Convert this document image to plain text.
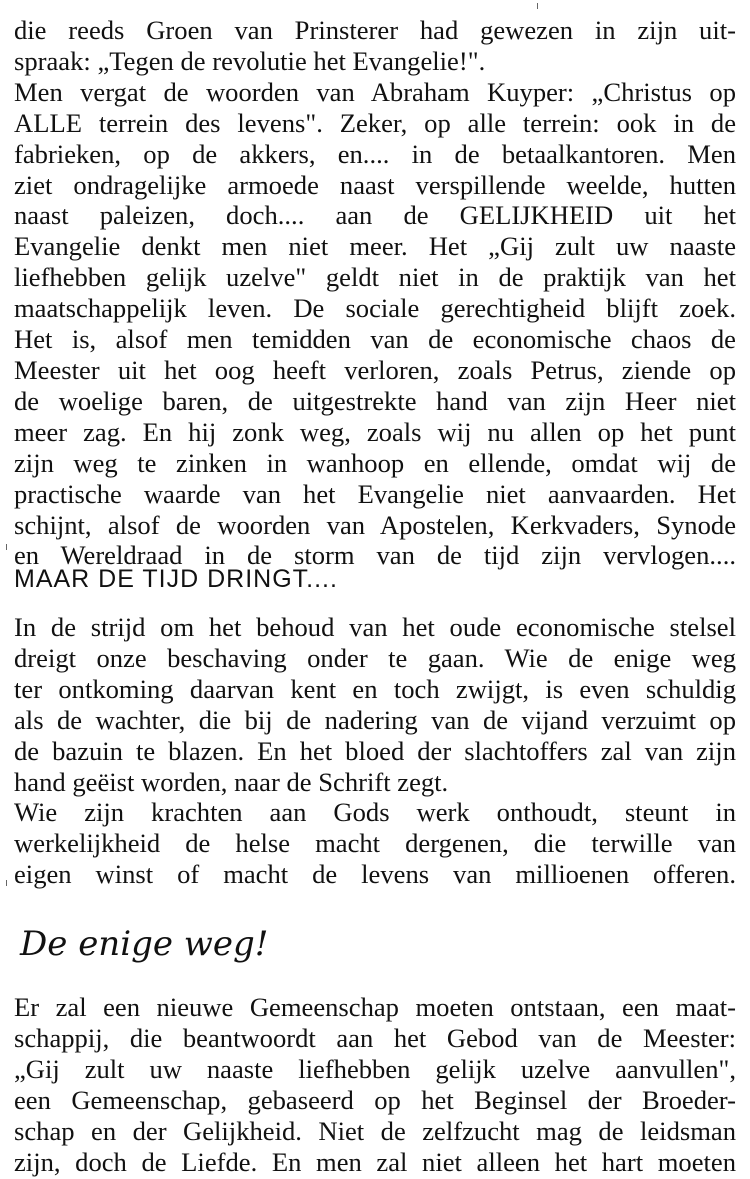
die reeds Groen van Prinsterer had gewezen in zijn uit-
spraak: „Tegen de revolutie het Evangelie!".
Men vergat de woorden van Abraham Kuyper: „Christus op
ALLE terrein des levens". Zeker, op alle terrein: ook in de
fabrieken, op de akkers, en.... in de betaalkantoren. Men
ziet ondragelijke armoede naast verspillende weelde, hutten
naast paleizen, doch.... aan de GELIJKHEID uit het
Evangelie denkt men niet meer. Het „Gij zult uw naaste
liefhebben gelijk uzelve" geldt niet in de praktijk van het
maatschappelijk leven. De sociale gerechtigheid blijft zoek.
Het is, alsof men temidden van de economische chaos de
Meester uit het oog heeft verloren, zoals Petrus, ziende op
de woelige baren, de uitgestrekte hand van zijn Heer niet
meer zag. En hij zonk weg, zoals wij nu allen op het punt
zijn weg te zinken in wanhoop en ellende, omdat wij de
practische waarde van het Evangelie niet aanvaarden. Het
schijnt, alsof de woorden van Apostelen, Kerkvaders, Synode
en Wereldraad in de storm van de tijd zijn vervlogen....

MAAR DE TIJD DRINGT....

In de strijd om het behoud van het oude economische stelsel
dreigt onze beschaving onder te gaan. Wie de enige weg
ter ontkoming daarvan kent en toch zwijgt, is even schuldig
als de wachter, die bij de nadering van de vijand verzuimt op
de bazuin te blazen. En het bloed der slachtoffers zal van zijn
hand geëist worden, naar de Schrift zegt.
Wie zijn krachten aan Gods werk onthoudt, steunt in
werkelijkheid de helse macht dergenen, die terwille van
eigen winst of macht de levens van millioenen offeren.

De enige weg!

Er zal een nieuwe Gemeenschap moeten ontstaan, een maat-
schappij, die beantwoordt aan het Gebod van de Meester:
„Gij zult uw naaste liefhebben gelijk uzelve aanvullen",
een Gemeenschap, gebaseerd op het Beginsel der Broeder-
schap en der Gelijkheid. Niet de zelfzucht mag de leidsman
zijn, doch de Liefde. En men zal niet alleen het hart moeten
